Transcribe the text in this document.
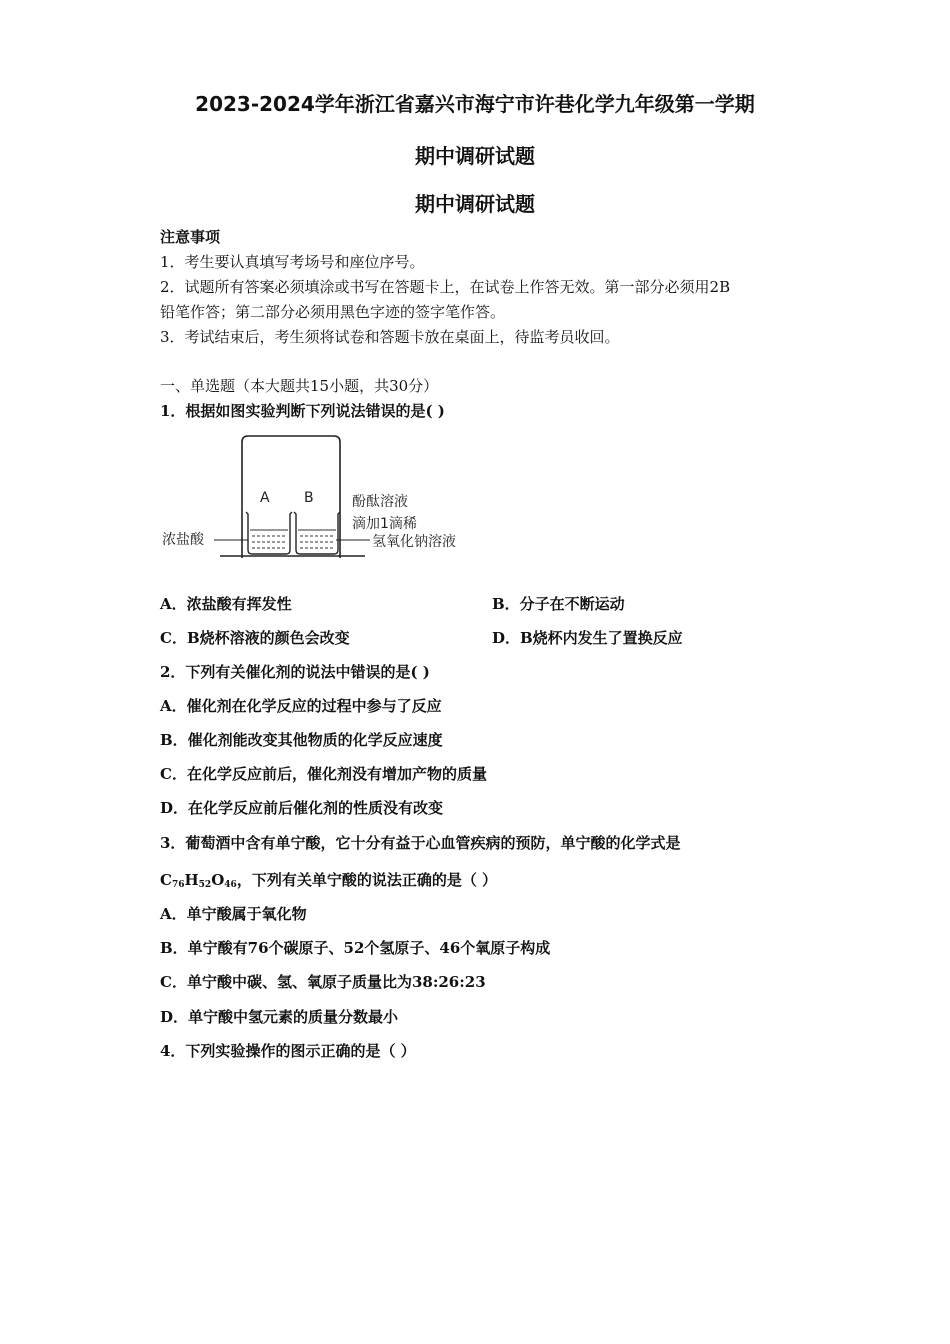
2023-2024学年浙江省嘉兴市海宁市许巷化学九年级第一学期
期中调研试题
期中调研试题
注意事项
1．考生要认真填写考场号和座位序号。
2．试题所有答案必须填涂或书写在答题卡上，在试卷上作答无效。第一部分必须用2B
铅笔作答；第二部分必须用黑色字迹的签字笔作答。
3．考试结束后，考生须将试卷和答题卡放在桌面上，待监考员收回。
一、单选题（本大题共15小题，共30分）
1．根据如图实验判断下列说法错误的是( )
A B	酚酞溶液
滴加1滴稀
氢氧化钠溶液
浓盐酸
A．浓盐酸有挥发性	B．分子在不断运动
C．B烧杯溶液的颜色会改变	D．B烧杯内发生了置换反应
2．下列有关催化剂的说法中错误的是( )
A．催化剂在化学反应的过程中参与了反应
B．催化剂能改变其他物质的化学反应速度
C．在化学反应前后，催化剂没有增加产物的质量
D．在化学反应前后催化剂的性质没有改变
3．葡萄酒中含有单宁酸，它十分有益于心血管疾病的预防，单宁酸的化学式是
$C_{76}H_{52}O_{46}$，下列有关单宁酸的说法正确的是（ ）
A．单宁酸属于氧化物
B．单宁酸有76个碳原子、52个氢原子、46个氧原子构成
C．单宁酸中碳、氢、氧原子质量比为38:26:23
D．单宁酸中氢元素的质量分数最小
4．下列实验操作的图示正确的是（ ）
